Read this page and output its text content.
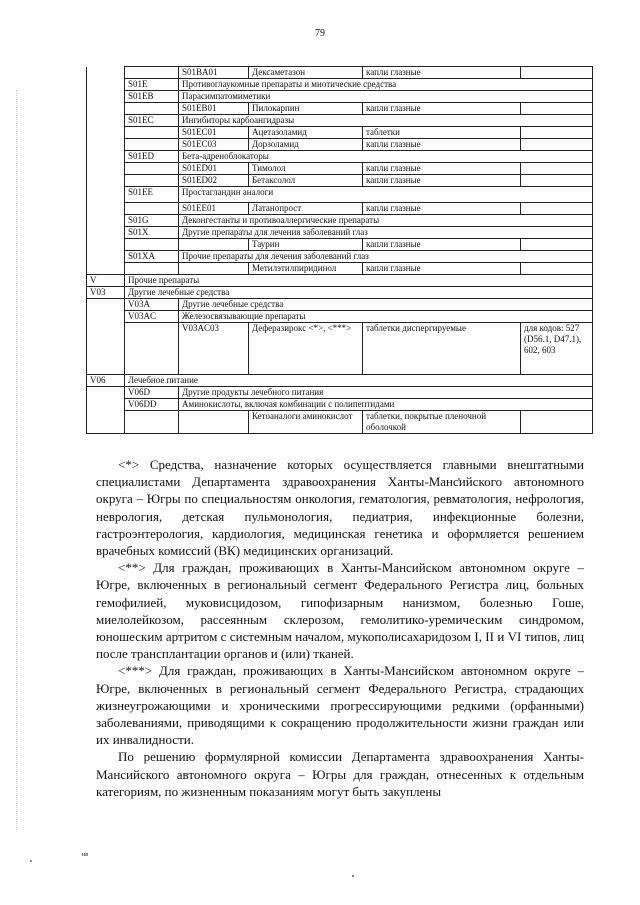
79
		S01BA01	Дексаметазон	капли глазные	
	S01E	Противоглаукомные препараты и миотические средства			
	S01EB	Парасимпатомиметики			
		S01EB01	Пилокарпин	капли глазные	
	S01EC	Ингибиторы карбоангидразы			
		S01EC01	Ацетазоламид	таблетки	
		S01EC03	Дорзоламид	капли глазные	
	S01ED	Бета-адреноблокаторы			
		S01ED01	Тимолол	капли глазные	
		S01ED02	Бетаксолол	капли глазные	
	S01EE	Простагландин аналоги			
		S01EE01	Латанопрост	капли глазные	
	S01G	Деконгестанты и противоаллергические препараты			
	S01X	Другие препараты для лечения заболеваний глаз			
			Таурин	капли глазные	
	S01XA	Прочие препараты для лечения заболеваний глаз			
			Метилэтилпиридинол	капли глазные	
V	Прочие препараты				
V03	Другие лечебные средства				
	V03A	Другие лечебные средства			
	V03AC	Железосвязывающие препараты			
		V03AC03	Деферазирокс <*>, <***>	таблетки диспергируемые	для кодов: 527 (D56.1, D47.1), 602, 603
V06	Лечебное питание				
	V06D	Другие продукты лечебного питания			
	V06DD	Аминокислоты, включая комбинации с полипептидами			
			Кетоаналоги аминокислот	таблетки, покрытые пленочной оболочкой	

<*> Средства, назначение которых осуществляется главными внештатными специалистами Департамента здравоохранения Ханты-Мансийского автономного округа – Югры по специальностям онкология, гематология, ревматология, нефрология, неврология, детская пульмонология, педиатрия, инфекционные болезни, гастроэнтерология, кардиология, медицинская генетика и оформляется решением врачебных комиссий (ВК) медицинских организаций.

<**> Для граждан, проживающих в Ханты-Мансийском автономном округе – Югре, включенных в региональный сегмент Федерального Регистра лиц, больных гемофилией, муковисцидозом, гипофизарным нанизмом, болезнью Гоше, миелолейкозом, рассеянным склерозом, гемолитико-уремическим синдромом, юношеским артритом с системным началом, мукополисахаридозом I, II и VI типов, лиц после трансплантации органов и (или) тканей.

<***> Для граждан, проживающих в Ханты-Мансийском автономном округе – Югре, включенных в региональный сегмент Федерального Регистра, страдающих жизнеугрожающими и хроническими прогрессирующими редкими (орфанными) заболеваниями, приводящими к сокращению продолжительности жизни граждан или их инвалидности.

По решению формулярной комиссии Департамента здравоохранения Ханты-Мансийского автономного округа – Югры для граждан, отнесенных к отдельным категориям, по жизненным показаниям могут быть закуплены

нв
